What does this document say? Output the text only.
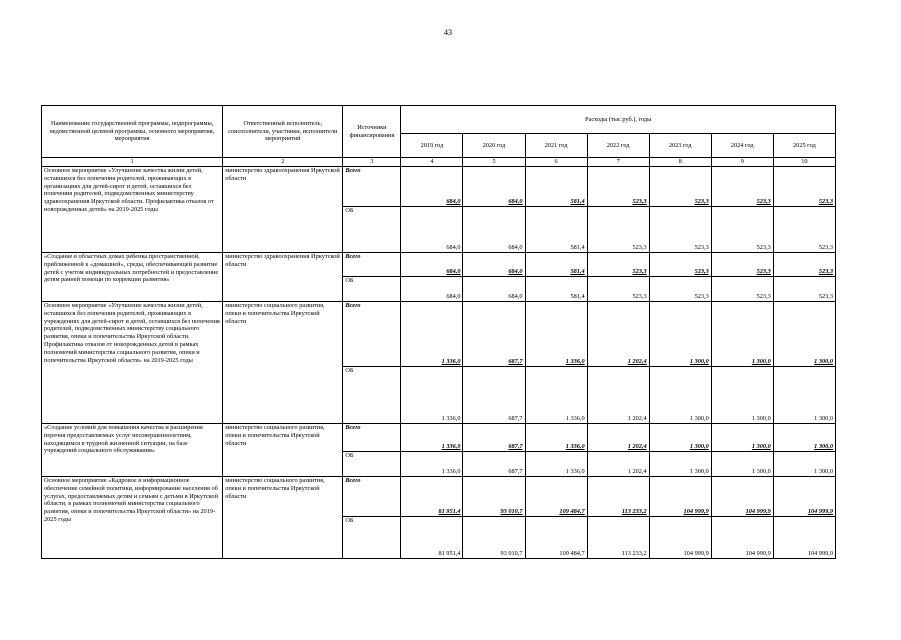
43
Наименование государственной программы, подпрограммы, ведомственной целевой программы, основного мероприятия, мероприятия	Ответственный исполнитель, соисполнители, участники, исполнители мероприятий	Источники финансирования	Расходы (тыс.руб.), годы						
			2019 год	2020 год	2021 год	2022 год	2023 год	2024 год	2025 год
1	2	3	4	5	6	7	8	9	10
Основное мероприятие «Улучшение качества жизни детей, оставшихся без попечения родителей, проживающих в организациях для детей-сирот и детей, оставшихся без попечения родителей, подведомственных министерству здравоохранения Иркутской области. Профилактика отказов от новорожденных детей» на 2019-2025 годы	министерство здравоохранения Иркутской области	Всего	684,0	684,0	581,4	523,3	523,3	523,3	523,3
		ОБ	684,0	684,0	581,4	523,3	523,3	523,3	523,3
«Создание в областных домах ребенка пространственной, приближенной к «домашней», среды, обеспечивающей развитие детей с учетом индивидуальных потребностей и предоставление детям ранней помощи по коррекции развития»	министерство здравоохранения Иркутской области	Всего	684,0	684,0	581,4	523,3	523,3	523,3	523,3
		ОБ	684,0	684,0	581,4	523,3	523,3	523,3	523,3
Основное мероприятие «Улучшение качества жизни детей, оставшихся без попечения родителей, проживающих в учреждениях для детей-сирот и детей, оставшихся без попечения родителей, подведомственных министерству социального развития, опеки и попечительства Иркутской области. Профилактика отказов от новорожденных детей в рамках полномочий министерства социального развития, опеки и попечительства Иркутской области» на 2019-2025 годы	министерство социального развития, опеки и попечительства Иркутской области	Всего	1 336,0	687,7	1 336,0	1 202,4	1 300,0	1 300,0	1 300,0
		ОБ	1 336,0	687,7	1 336,0	1 202,4	1 300,0	1 300,0	1 300,0
«Создание условий для повышения качества и расширения перечня предоставляемых услуг несовершеннолетним, находящимся в трудной жизненной ситуации, на базе учреждений социального обслуживания»	министерство социального развития, опеки и попечительства Иркутской области	Всего	1 336,0	687,7	1 336,0	1 202,4	1 300,0	1 300,0	1 300,0
		ОБ	1 336,0	687,7	1 336,0	1 202,4	1 300,0	1 300,0	1 300,0
Основное мероприятие «Кадровое и информационное обеспечение семейной политики, информирование населения об услугах, предоставляемых детям и семьям с детьми в Иркутской области, в рамках полномочий министерства социального развития, опеки и попечительства Иркутской области» на 2019-2025 годы	министерство социального развития, опеки и попечительства Иркутской области	Всего	81 951,4	93 010,7	109 484,7	113 233,2	104 999,9	104 999,9	104 999,9
		ОБ	81 951,4	93 010,7	109 484,7	113 233,2	104 999,9	104 999,9	104 999,9
